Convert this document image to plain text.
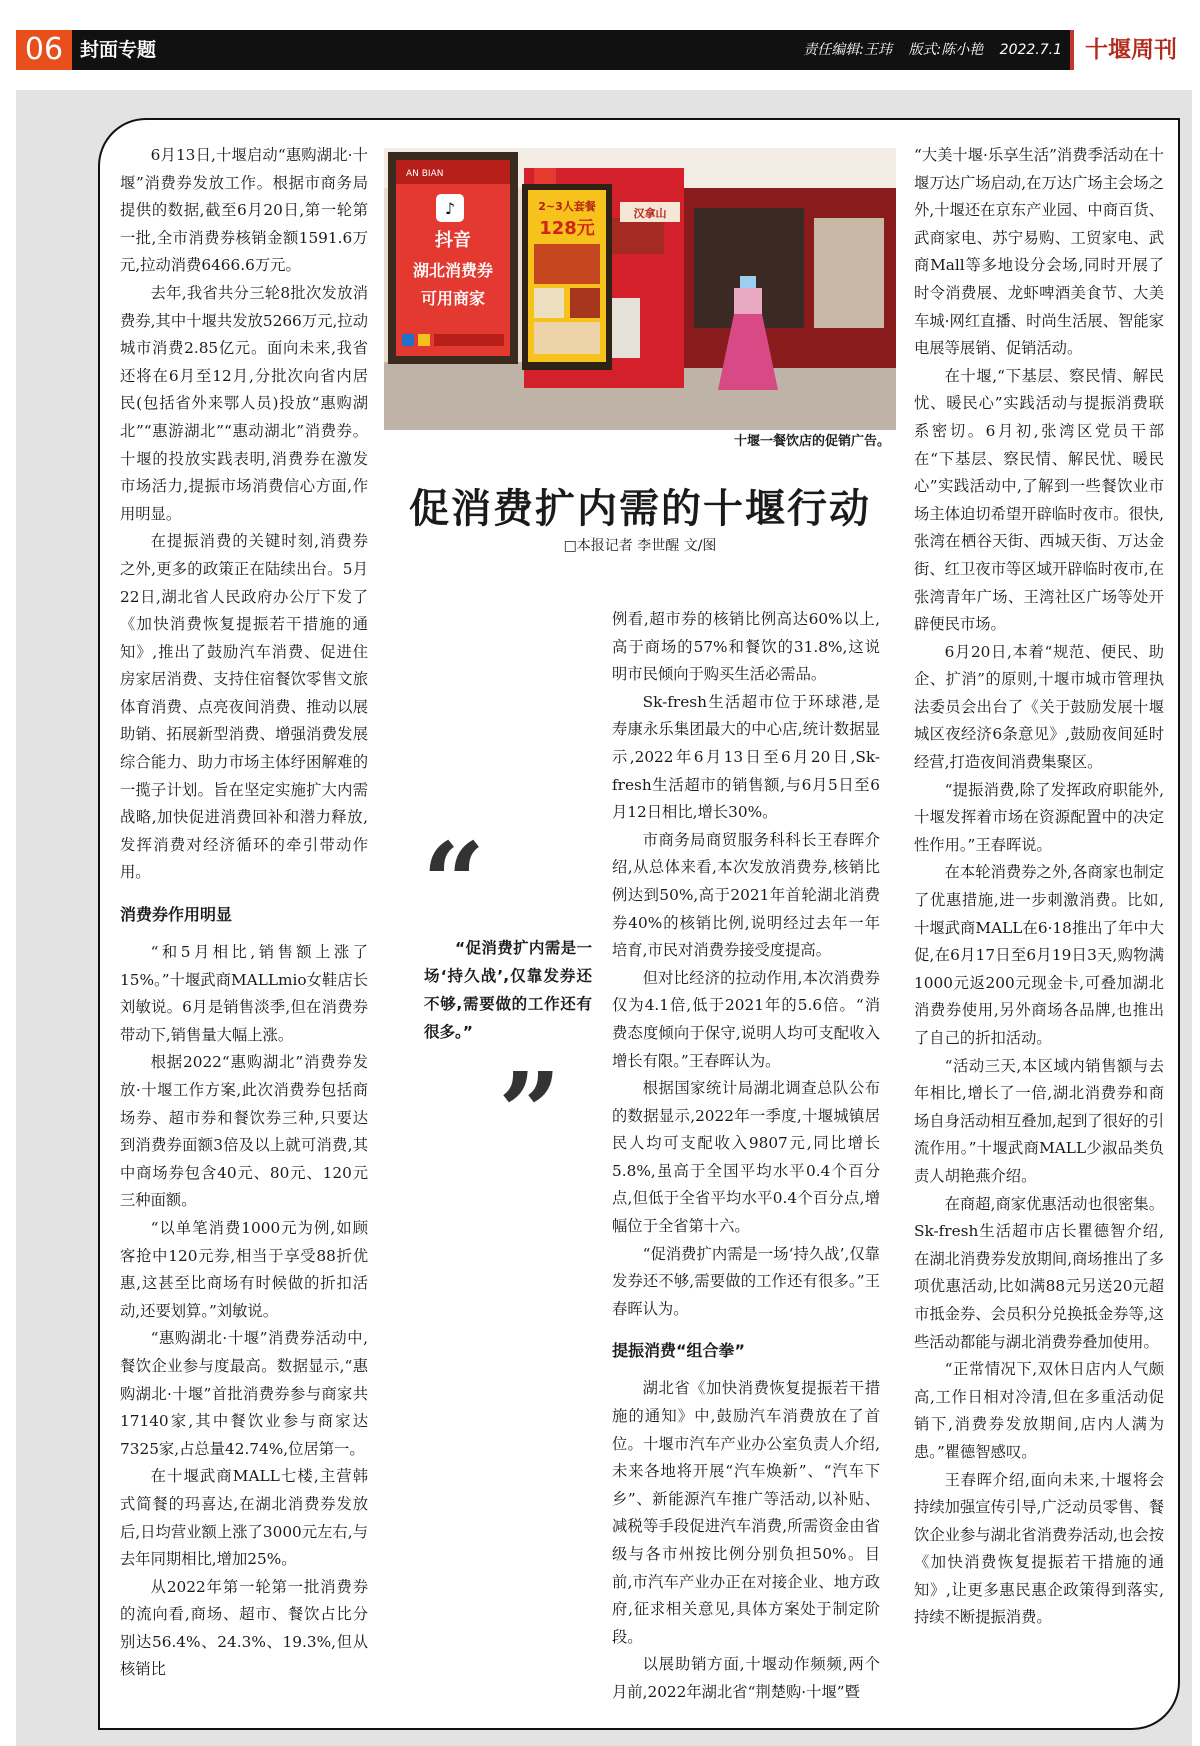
06 封面专题	责任编辑:王玮 版式:陈小艳 2022.7.1	十堰周刊

6月13日,十堰启动“惠购湖北·十堰”消费券发放工作。根据市商务局提供的数据,截至6月20日,第一轮第一批,全市消费券核销金额1591.6万元,拉动消费6466.6万元。

去年,我省共分三轮8批次发放消费券,其中十堰共发放5266万元,拉动城市消费2.85亿元。面向未来,我省还将在6月至12月,分批次向省内居民(包括省外来鄂人员)投放“惠购湖北”“惠游湖北”“惠动湖北”消费券。十堰的投放实践表明,消费券在激发市场活力,提振市场消费信心方面,作用明显。

在提振消费的关键时刻,消费券之外,更多的政策正在陆续出台。5月22日,湖北省人民政府办公厅下发了《加快消费恢复提振若干措施的通知》,推出了鼓励汽车消费、促进住房家居消费、支持住宿餐饮零售文旅体育消费、点亮夜间消费、推动以展助销、拓展新型消费、增强消费发展综合能力、助力市场主体纾困解难的一揽子计划。旨在坚定实施扩大内需战略,加快促进消费回补和潜力释放,发挥消费对经济循环的牵引带动作用。

消费券作用明显

“和5月相比,销售额上涨了15%。”十堰武商MALLmio女鞋店长刘敏说。6月是销售淡季,但在消费券带动下,销售量大幅上涨。

根据2022“惠购湖北”消费券发放·十堰工作方案,此次消费券包括商场券、超市券和餐饮券三种,只要达到消费券面额3倍及以上就可消费,其中商场券包含40元、80元、120元三种面额。

“以单笔消费1000元为例,如顾客抢中120元券,相当于享受88折优惠,这甚至比商场有时候做的折扣活动,还要划算。”刘敏说。

“惠购湖北·十堰”消费券活动中,餐饮企业参与度最高。数据显示,“惠购湖北·十堰”首批消费券参与商家共17140家,其中餐饮业参与商家达7325家,占总量42.74%,位居第一。

在十堰武商MALL七楼,主营韩式简餐的玛喜达,在湖北消费券发放后,日均营业额上涨了3000元左右,与去年同期相比,增加25%。

从2022年第一轮第一批消费券的流向看,商场、超市、餐饮占比分别达56.4%、24.3%、19.3%,但从核销比

AN BIAN
♪
抖音
湖北消费券
可用商家
2~3人套餐
128元
汉拿山
十堰一餐饮店的促销广告。
促消费扩内需的十堰行动
□本报记者 李世醒 文/图
“
“促消费扩内需是一场‘持久战’,仅靠发券还不够,需要做的工作还有很多。”
”

例看,超市券的核销比例高达60%以上,高于商场的57%和餐饮的31.8%,这说明市民倾向于购买生活必需品。

Sk-fresh生活超市位于环球港,是寿康永乐集团最大的中心店,统计数据显示,2022年6月13日至6月20日,Sk-fresh生活超市的销售额,与6月5日至6月12日相比,增长30%。

市商务局商贸服务科科长王春晖介绍,从总体来看,本次发放消费券,核销比例达到50%,高于2021年首轮湖北消费券40%的核销比例,说明经过去年一年培育,市民对消费券接受度提高。

但对比经济的拉动作用,本次消费券仅为4.1倍,低于2021年的5.6倍。“消费态度倾向于保守,说明人均可支配收入增长有限。”王春晖认为。

根据国家统计局湖北调查总队公布的数据显示,2022年一季度,十堰城镇居民人均可支配收入9807元,同比增长5.8%,虽高于全国平均水平0.4个百分点,但低于全省平均水平0.4个百分点,增幅位于全省第十六。

“促消费扩内需是一场‘持久战’,仅靠发券还不够,需要做的工作还有很多。”王春晖认为。

提振消费“组合拳”

湖北省《加快消费恢复提振若干措施的通知》中,鼓励汽车消费放在了首位。十堰市汽车产业办公室负责人介绍,未来各地将开展“汽车焕新”、“汽车下乡”、新能源汽车推广等活动,以补贴、减税等手段促进汽车消费,所需资金由省级与各市州按比例分别负担50%。目前,市汽车产业办正在对接企业、地方政府,征求相关意见,具体方案处于制定阶段。

以展助销方面,十堰动作频频,两个月前,2022年湖北省“荆楚购·十堰”暨

“大美十堰·乐享生活”消费季活动在十堰万达广场启动,在万达广场主会场之外,十堰还在京东产业园、中商百货、武商家电、苏宁易购、工贸家电、武商Mall等多地设分会场,同时开展了时令消费展、龙虾啤酒美食节、大美车城·网红直播、时尚生活展、智能家电展等展销、促销活动。

在十堰,“下基层、察民情、解民忧、暖民心”实践活动与提振消费联系密切。6月初,张湾区党员干部在“下基层、察民情、解民忧、暖民心”实践活动中,了解到一些餐饮业市场主体迫切希望开辟临时夜市。很快,张湾在栖谷天街、西城天街、万达金街、红卫夜市等区域开辟临时夜市,在张湾青年广场、王湾社区广场等处开辟便民市场。

6月20日,本着“规范、便民、助企、扩消”的原则,十堰市城市管理执法委员会出台了《关于鼓励发展十堰城区夜经济6条意见》,鼓励夜间延时经营,打造夜间消费集聚区。

“提振消费,除了发挥政府职能外,十堰发挥着市场在资源配置中的决定性作用。”王春晖说。

在本轮消费券之外,各商家也制定了优惠措施,进一步刺激消费。比如,十堰武商MALL在6·18推出了年中大促,在6月17日至6月19日3天,购物满1000元返200元现金卡,可叠加湖北消费券使用,另外商场各品牌,也推出了自己的折扣活动。

“活动三天,本区域内销售额与去年相比,增长了一倍,湖北消费券和商场自身活动相互叠加,起到了很好的引流作用。”十堰武商MALL少淑品类负责人胡艳燕介绍。

在商超,商家优惠活动也很密集。Sk-fresh生活超市店长瞿德智介绍,在湖北消费券发放期间,商场推出了多项优惠活动,比如满88元另送20元超市抵金券、会员积分兑换抵金券等,这些活动都能与湖北消费券叠加使用。

“正常情况下,双休日店内人气颇高,工作日相对冷清,但在多重活动促销下,消费券发放期间,店内人满为患。”瞿德智感叹。

王春晖介绍,面向未来,十堰将会持续加强宣传引导,广泛动员零售、餐饮企业参与湖北省消费券活动,也会按《加快消费恢复提振若干措施的通知》,让更多惠民惠企政策得到落实,持续不断提振消费。
